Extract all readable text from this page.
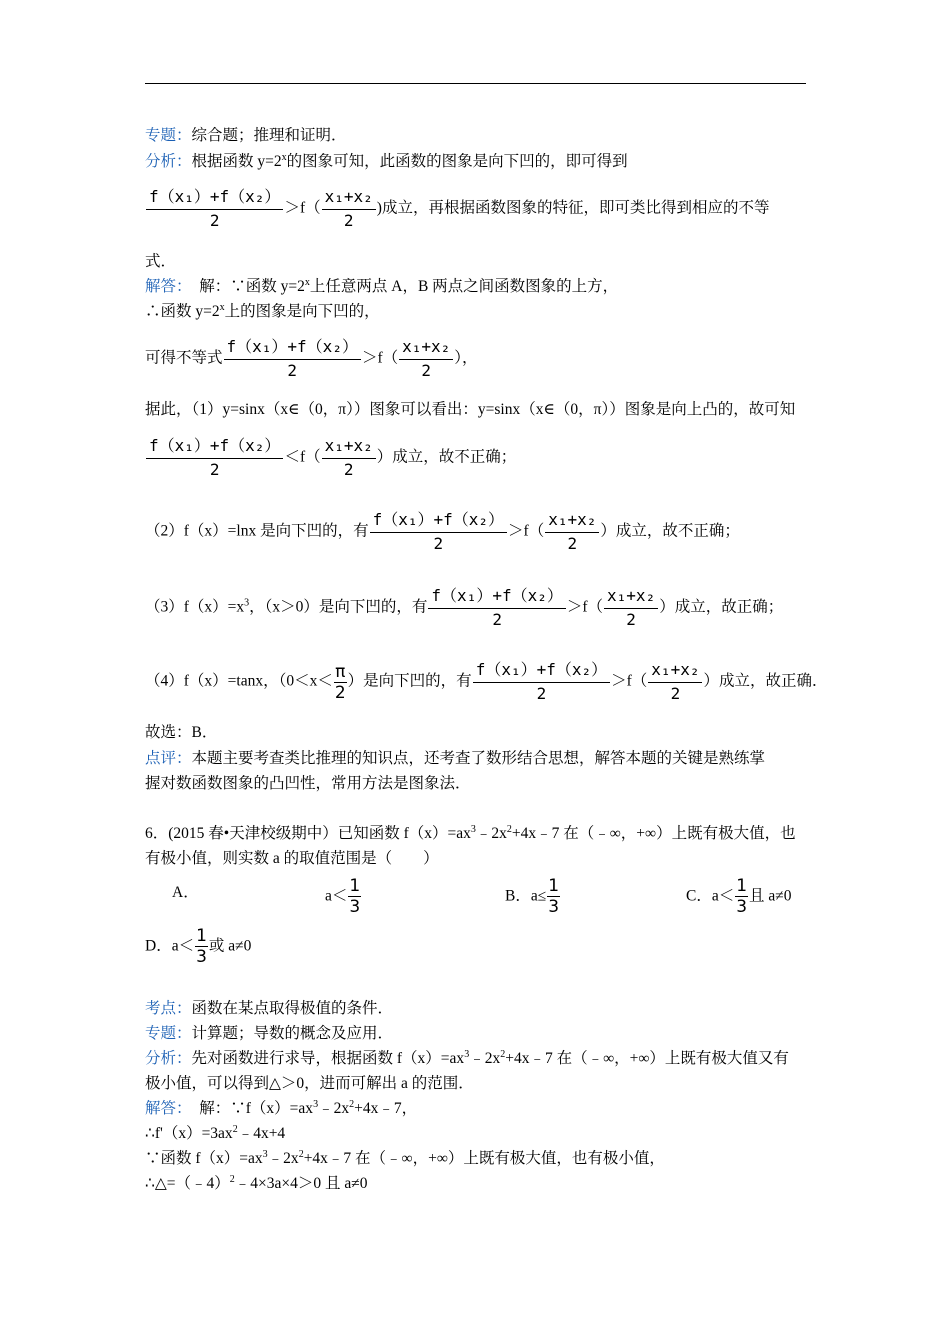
专题：综合题；推理和证明．
分析：根据函数 $y=2^x$的图象可知，此函数的图象是向下凹的，即可得到
$\frac{\text{f（x₁）+f（x₂）}}{2} >f( \frac{\text{x₁+x₂}}{2}$ )成立，再根据函数图象的特征，即可类比得到相应的不等
式．
解答：　解：∵函数 $y=2^x$上任意两点 A，B 两点之间函数图象的上方，
∴函数 $y=2^x$上的图象是向下凹的，
可得不等式 $\frac{\text{f（x₁）+f（x₂）}}{2} >f( \frac{\text{x₁+x₂}}{2}$ ），
据此，（1）y=sinx（x∈（0，π））图象可以看出：y=sinx（x∈（0，π））图象是向上凸的，故可知
$\frac{\text{f（x₁）+f（x₂）}}{2} <f( \frac{\text{x₁+x₂}}{2}$ ）成立，故不正确；
（2）f（x）=lnx 是向下凹的，有 $\frac{\text{f（x₁）+f（x₂）}}{2} >f( \frac{\text{x₁+x₂}}{2}$ ）成立，故不正确；
$(3)f(x)=x^3$，（x＞0）是向下凹的，有 $\frac{\text{f（x₁）+f（x₂）}}{2} >f( \frac{\text{x₁+x₂}}{2}$ ）成立，故正确；
（4）f（x）=tanx，（$0<x< \frac{\pi}{2}$ ）是向下凹的，有 $\frac{\text{f（x₁）+f（x₂）}}{2} >f( \frac{\text{x₁+x₂}}{2}$ ）成立，故正确．
故选：B．
点评：本题主要考查类比推理的知识点，还考查了数形结合思想，解答本题的关键是熟练掌
握对数函数图象的凸凹性，常用方法是图象法．
6．(2015 春•天津校级期中）已知函数 $f(x)=ax^3﹣2x^2+4x﹣7$ 在（﹣∞，+∞）上既有极大值，也
有极小值，则实数 a 的取值范围是（　　）
A．	$a< \frac{1}{3}$	B．$a\le \frac{1}{3}$	C．$a< \frac{1}{3}$ 且 a≠0
D．$a< \frac{1}{3}$ 或 a≠0
考点：函数在某点取得极值的条件．
专题：计算题；导数的概念及应用．
分析：先对函数进行求导，根据函数 $f(x)=ax^3﹣2x^2+4x﹣7$ 在（﹣∞，+∞）上既有极大值又有
极小值，可以得到△＞0，进而可解出 a 的范围．
解答：　解：$\because f(x)=ax^3﹣2x^2+4x﹣7$，
$\therefore f'(x)=3ax^2﹣4x+4$
∵函数 $f(x)=ax^3﹣2x^2+4x﹣7$ 在（﹣∞，+∞）上既有极大值，也有极小值，
∴△=（﹣4）$^2$﹣4×3a×4＞0 且 a≠0
